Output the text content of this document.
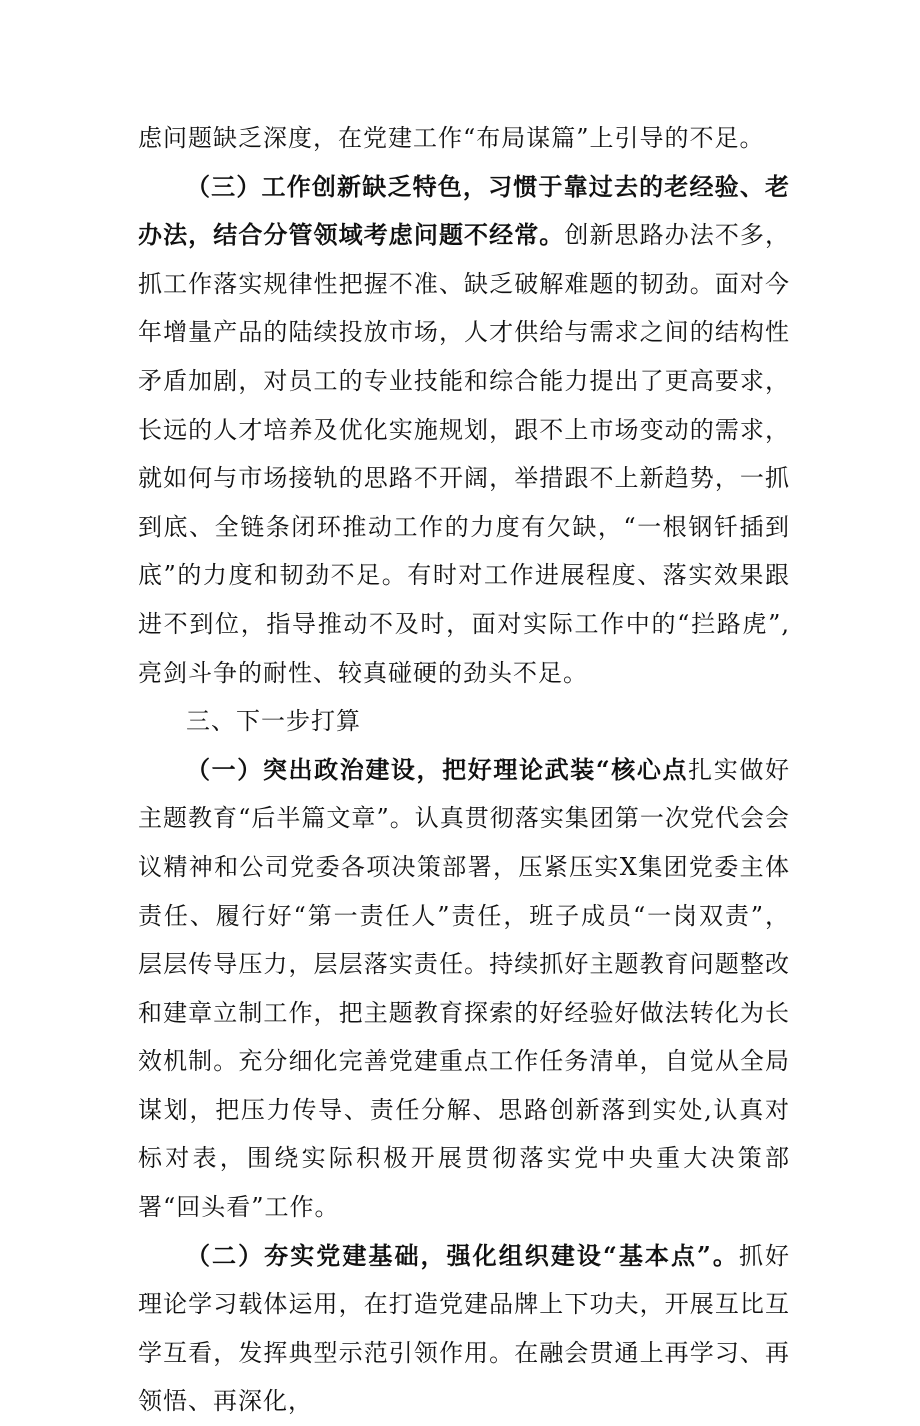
虑问题缺乏深度，在党建工作“布局谋篇”上引导的不足。

（三）工作创新缺乏特色，习惯于靠过去的老经验、老办法，结合分管领域考虑问题不经常。创新思路办法不多，抓工作落实规律性把握不准、缺乏破解难题的韧劲。面对今年增量产品的陆续投放市场，人才供给与需求之间的结构性矛盾加剧，对员工的专业技能和综合能力提出了更高要求，长远的人才培养及优化实施规划，跟不上市场变动的需求，就如何与市场接轨的思路不开阔，举措跟不上新趋势，一抓到底、全链条闭环推动工作的力度有欠缺，“一根钢钎插到底”的力度和韧劲不足。有时对工作进展程度、落实效果跟进不到位，指导推动不及时，面对实际工作中的“拦路虎”,亮剑斗争的耐性、较真碰硬的劲头不足。

三、下一步打算

（一）突出政治建设，把好理论武装“核心点扎实做好主题教育“后半篇文章”。认真贯彻落实集团第一次党代会会议精神和公司党委各项决策部署，压紧压实X集团党委主体责任、履行好“第一责任人”责任，班子成员“一岗双责”，层层传导压力，层层落实责任。持续抓好主题教育问题整改和建章立制工作，把主题教育探索的好经验好做法转化为长效机制。充分细化完善党建重点工作任务清单，自觉从全局谋划，把压力传导、责任分解、思路创新落到实处,认真对标对表，围绕实际积极开展贯彻落实党中央重大决策部署“回头看”工作。

（二）夯实党建基础，强化组织建设“基本点”。抓好理论学习载体运用，在打造党建品牌上下功夫，开展互比互学互看，发挥典型示范引领作用。在融会贯通上再学习、再领悟、再深化，
